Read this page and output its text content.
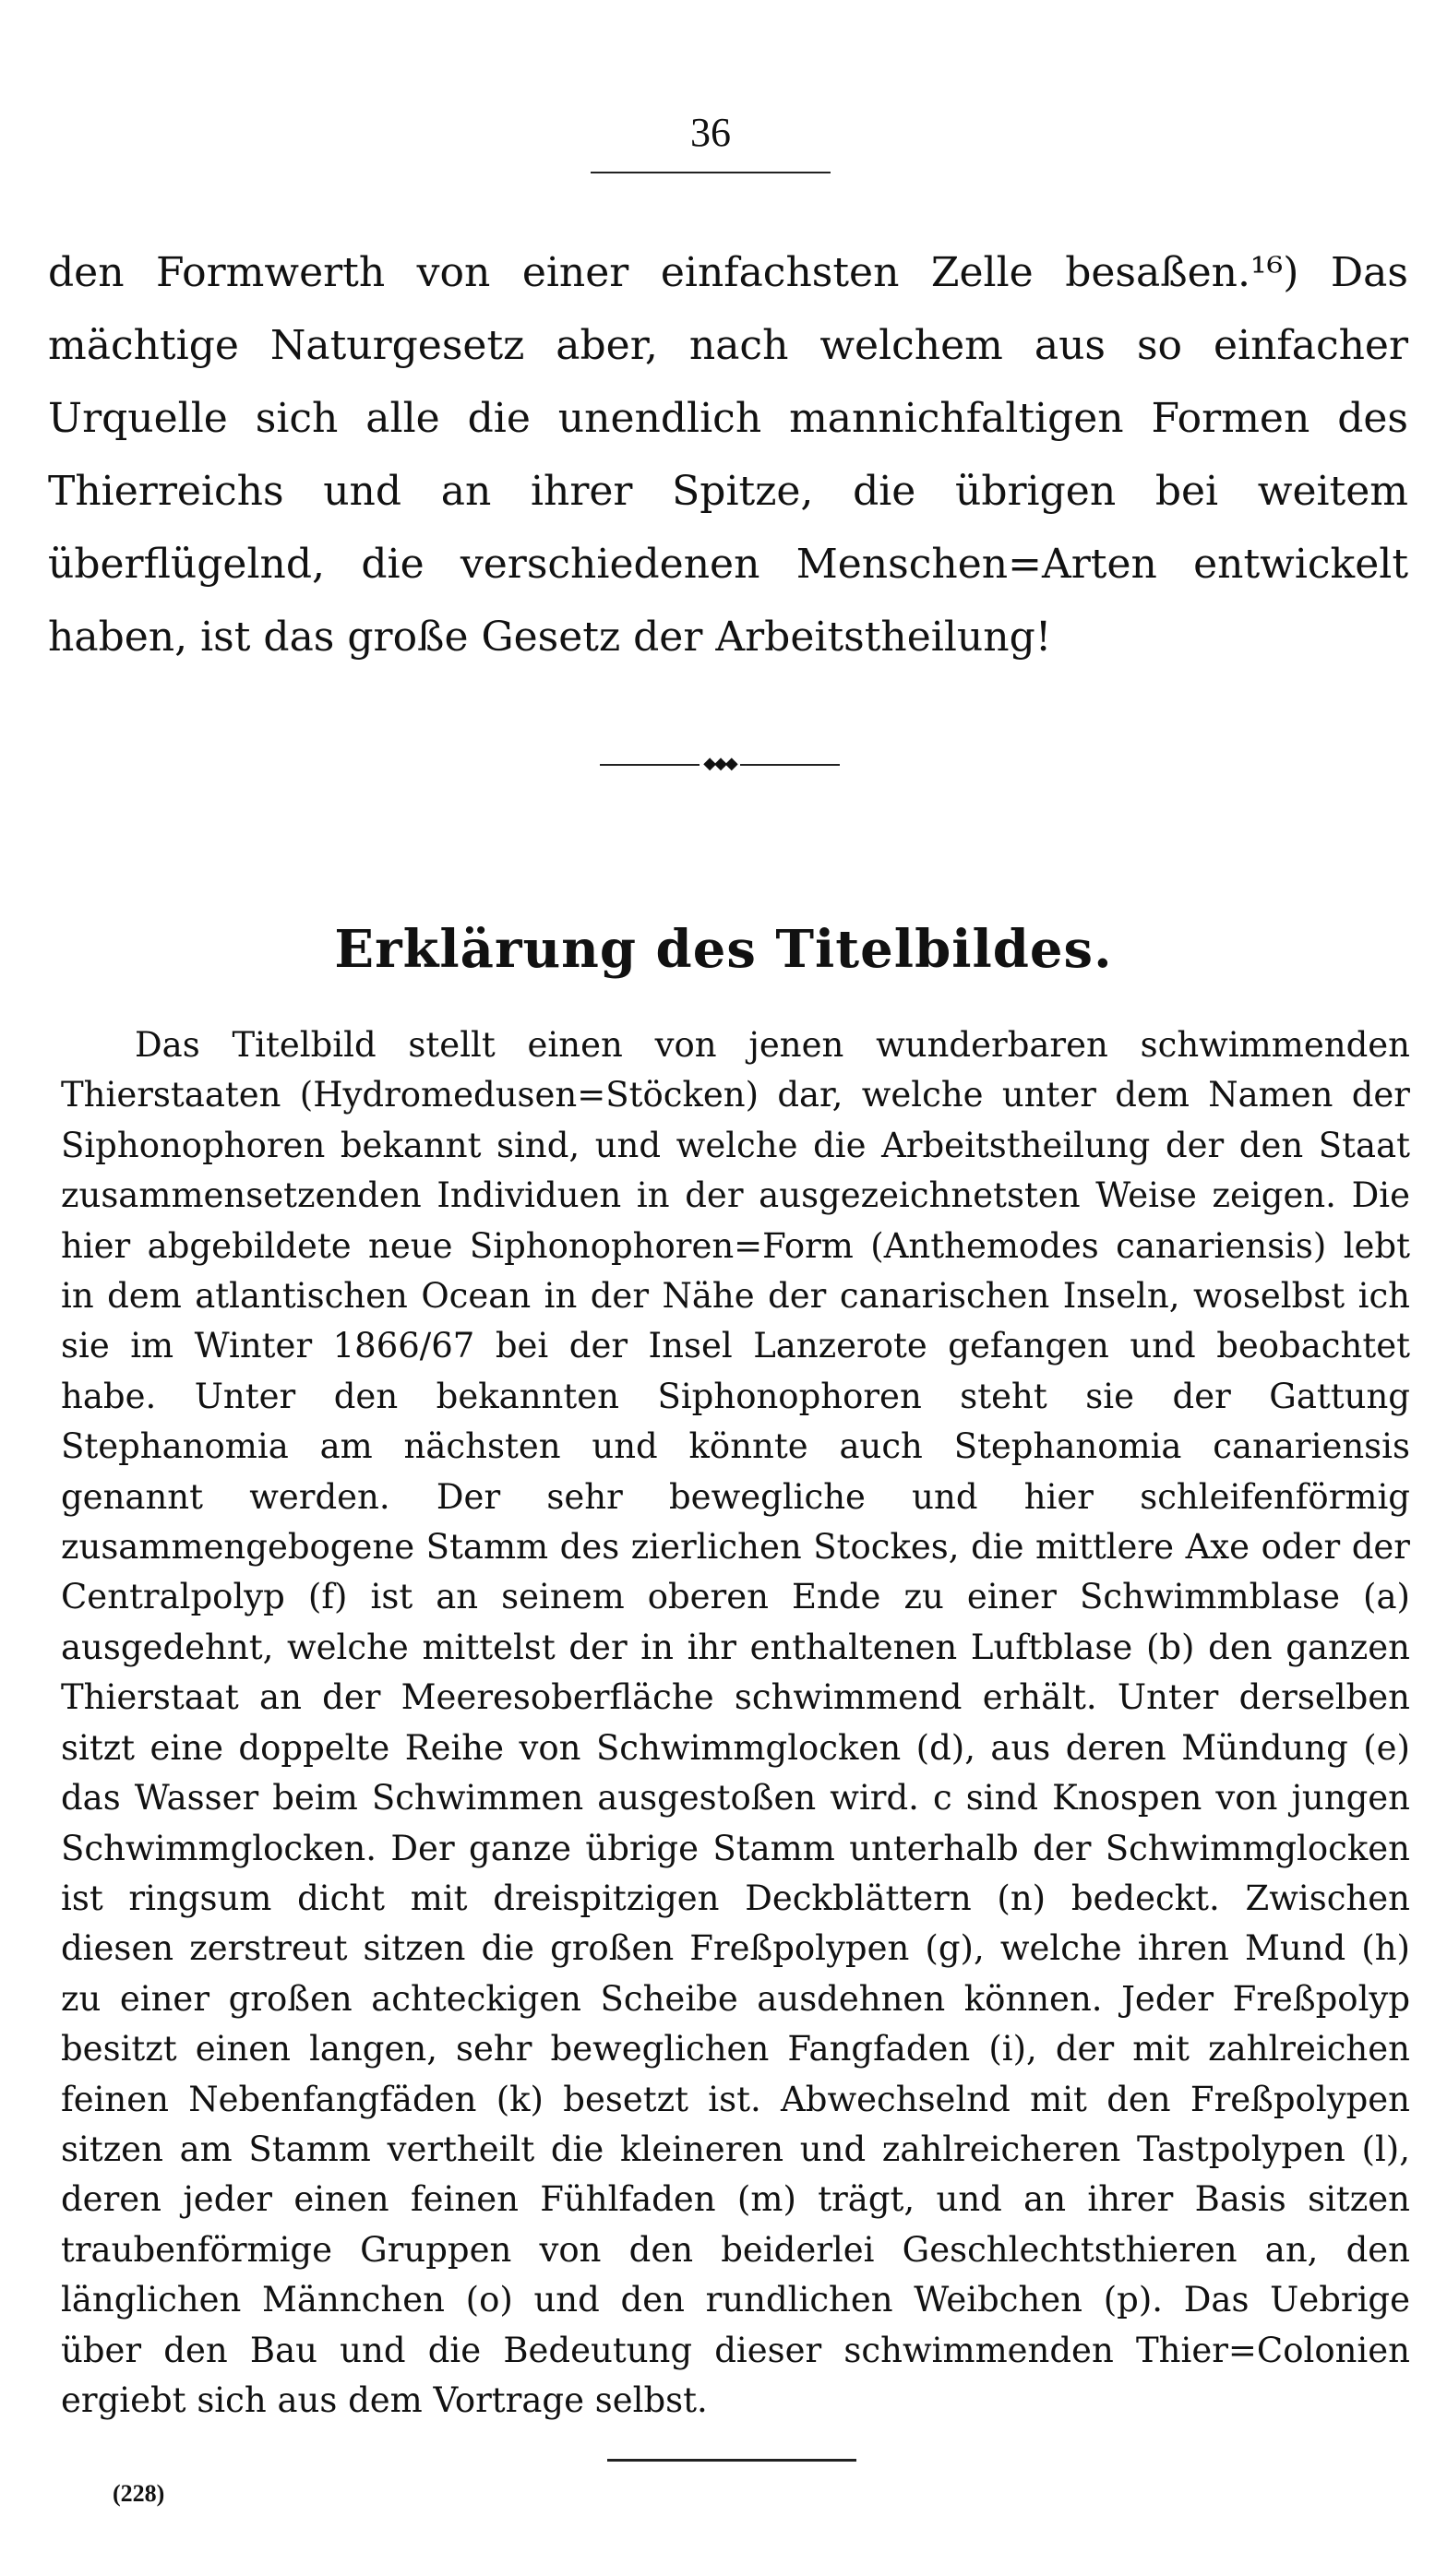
36

den Formwerth von einer einfachsten Zelle besaßen.¹⁶) Das mächtige Naturgesetz aber, nach welchem aus so einfacher Urquelle sich alle die unendlich mannichfaltigen Formen des Thierreichs und an ihrer Spitze, die übrigen bei weitem überflügelnd, die verschiedenen Menschen=Arten entwickelt haben, ist das große Gesetz der Arbeitstheilung!

◆◆◆
Erklärung des Titelbildes.

Das Titelbild stellt einen von jenen wunderbaren schwimmenden Thierstaaten (Hydromedusen=Stöcken) dar, welche unter dem Namen der Siphonophoren bekannt sind, und welche die Arbeitstheilung der den Staat zusammensetzenden Individuen in der ausgezeichnetsten Weise zeigen. Die hier abgebildete neue Siphonophoren=Form (Anthemodes canariensis) lebt in dem atlantischen Ocean in der Nähe der canarischen Inseln, woselbst ich sie im Winter 1866/67 bei der Insel Lanzerote gefangen und beobachtet habe. Unter den bekannten Siphonophoren steht sie der Gattung Stephanomia am nächsten und könnte auch Stephanomia canariensis genannt werden. Der sehr bewegliche und hier schleifenförmig zusammengebogene Stamm des zierlichen Stockes, die mittlere Axe oder der Centralpolyp (f) ist an seinem oberen Ende zu einer Schwimmblase (a) ausgedehnt, welche mittelst der in ihr enthaltenen Luftblase (b) den ganzen Thierstaat an der Meeresoberfläche schwimmend erhält. Unter derselben sitzt eine doppelte Reihe von Schwimmglocken (d), aus deren Mündung (e) das Wasser beim Schwimmen ausgestoßen wird. c sind Knospen von jungen Schwimmglocken. Der ganze übrige Stamm unterhalb der Schwimmglocken ist ringsum dicht mit dreispitzigen Deckblättern (n) bedeckt. Zwischen diesen zerstreut sitzen die großen Freßpolypen (g), welche ihren Mund (h) zu einer großen achteckigen Scheibe ausdehnen können. Jeder Freßpolyp besitzt einen langen, sehr beweglichen Fangfaden (i), der mit zahlreichen feinen Nebenfangfäden (k) besetzt ist. Abwechselnd mit den Freßpolypen sitzen am Stamm vertheilt die kleineren und zahlreicheren Tastpolypen (l), deren jeder einen feinen Fühlfaden (m) trägt, und an ihrer Basis sitzen traubenförmige Gruppen von den beiderlei Geschlechtsthieren an, den länglichen Männchen (o) und den rundlichen Weibchen (p). Das Uebrige über den Bau und die Bedeutung dieser schwimmenden Thier=Colonien ergiebt sich aus dem Vortrage selbst.

(228)
